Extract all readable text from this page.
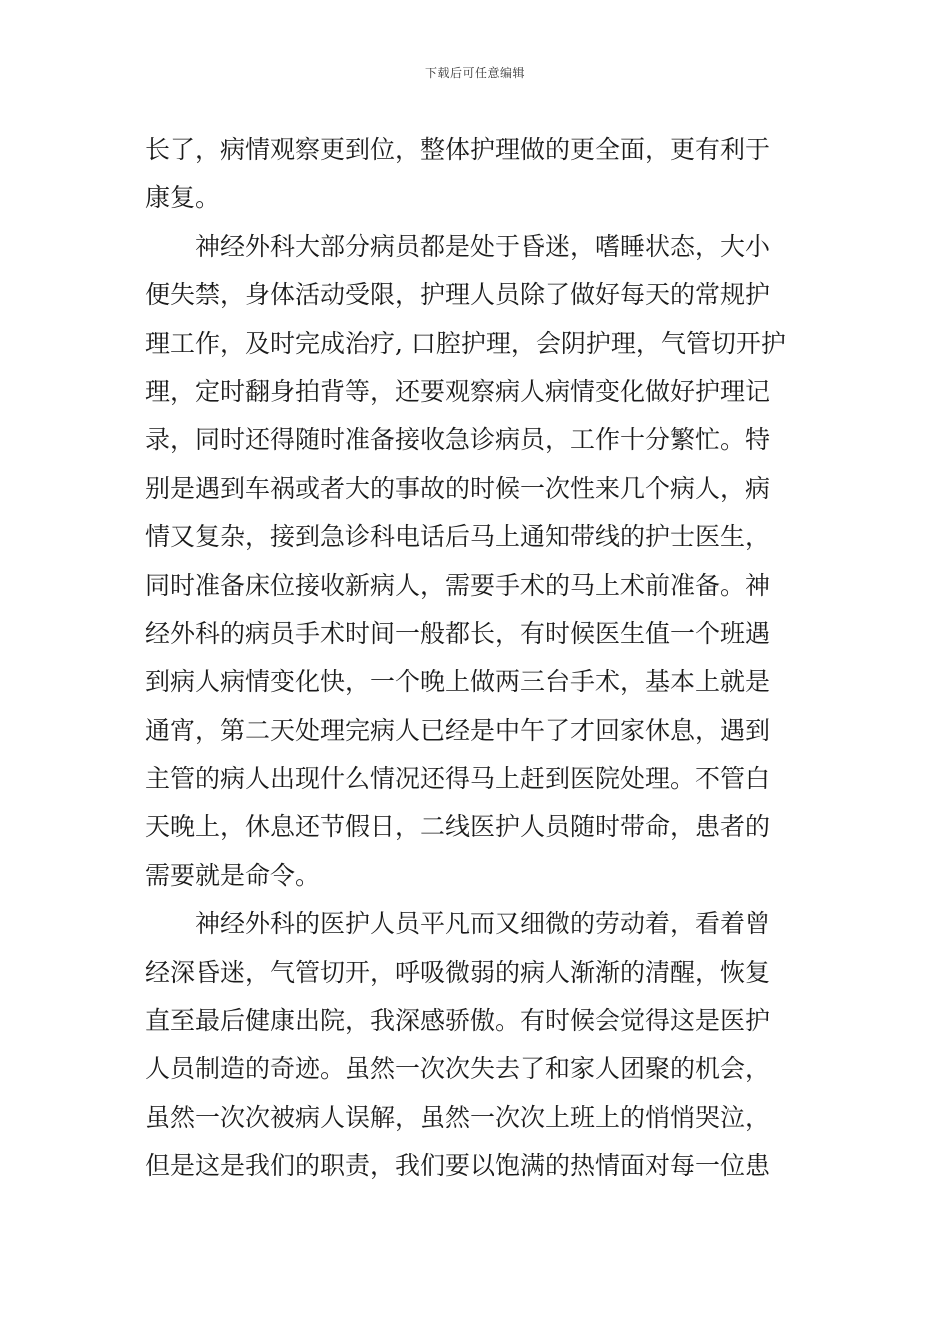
下载后可任意编辑
长了，病情观察更到位，整体护理做的更全面，更有利于
康复。
神经外科大部分病员都是处于昏迷，嗜睡状态，大小
便失禁，身体活动受限，护理人员除了做好每天的常规护
理工作，及时完成治疗, 口腔护理，会阴护理，气管切开护
理，定时翻身拍背等，还要观察病人病情变化做好护理记
录，同时还得随时准备接收急诊病员，工作十分繁忙。特
别是遇到车祸或者大的事故的时候一次性来几个病人，病
情又复杂，接到急诊科电话后马上通知带线的护士医生，
同时准备床位接收新病人，需要手术的马上术前准备。神
经外科的病员手术时间一般都长，有时候医生值一个班遇
到病人病情变化快，一个晚上做两三台手术，基本上就是
通宵，第二天处理完病人已经是中午了才回家休息，遇到
主管的病人出现什么情况还得马上赶到医院处理。不管白
天晚上，休息还节假日，二线医护人员随时带命，患者的
需要就是命令。
神经外科的医护人员平凡而又细微的劳动着，看着曾
经深昏迷，气管切开，呼吸微弱的病人渐渐的清醒，恢复
直至最后健康出院，我深感骄傲。有时候会觉得这是医护
人员制造的奇迹。虽然一次次失去了和家人团聚的机会，
虽然一次次被病人误解，虽然一次次上班上的悄悄哭泣，
但是这是我们的职责，我们要以饱满的热情面对每一位患
